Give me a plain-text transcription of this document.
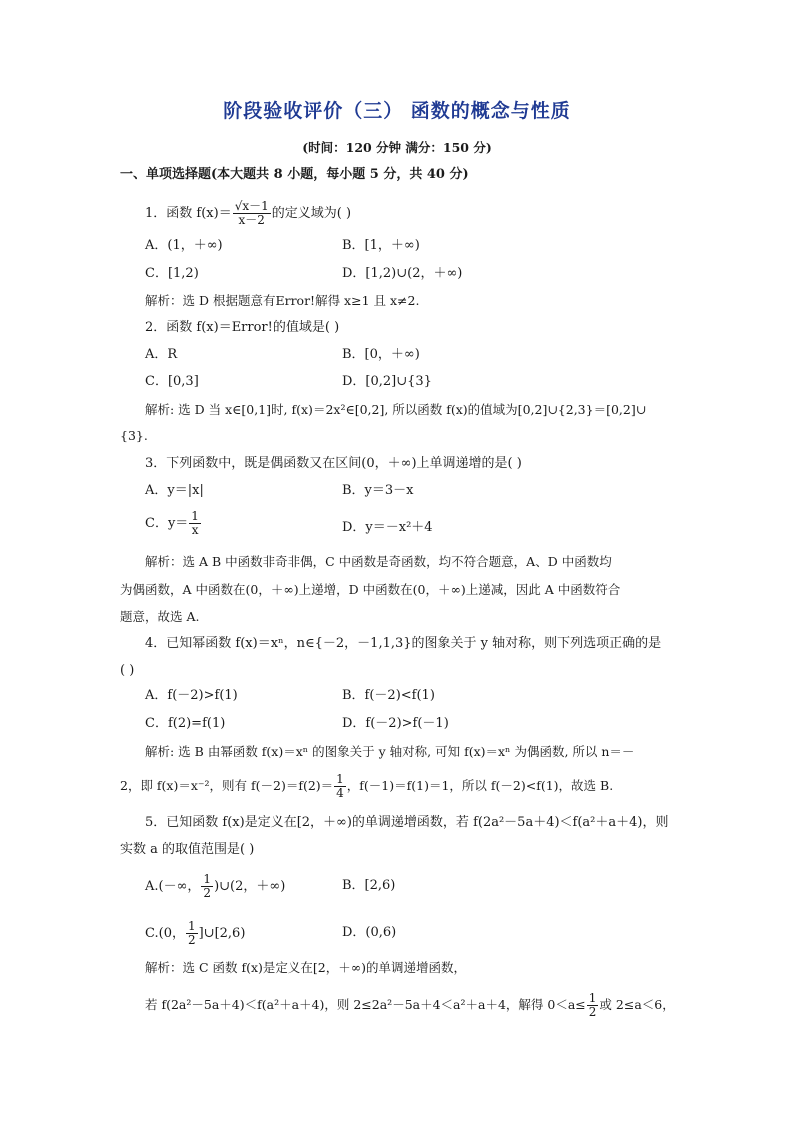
阶段验收评价（三） 函数的概念与性质
(时间：120 分钟 满分：150 分)
一、单项选择题(本大题共 8 小题，每小题 5 分，共 40 分)
1．函数 $f(x)= \frac{√x-1}{x-2}$ 的定义域为( )
A．(1，＋∞)	B．[1，＋∞)
C．[1,2)	D．[1,2)∪(2，＋∞)
解析：选 D 根据题意有Error!解得 x≥1 且 x≠2.
2．函数 f(x)＝Error!的值域是( )
A．R	B．[0，＋∞)
C．[0,3]	D．[0,2]∪{3}
解析: 选 D 当 x∈[0,1]时, f(x)＝2x²∈[0,2], 所以函数 f(x)的值域为[0,2]∪{2,3}＝[0,2]∪
{3}.
3．下列函数中，既是偶函数又在区间(0，＋∞)上单调递增的是( )
A．y＝|x|	B．y＝3－x
C．$y= \frac{1}{x}$	D．y＝－x²＋4
解析：选 A B 中函数非奇非偶，C 中函数是奇函数，均不符合题意，A、D 中函数均
为偶函数，A 中函数在(0，＋∞)上递增，D 中函数在(0，＋∞)上递减，因此 A 中函数符合
题意，故选 A.
4．已知幂函数 f(x)＝xⁿ，n∈{－2，－1,1,3}的图象关于 y 轴对称，则下列选项正确的是
( )
A．f(－2)>f(1)	B．f(－2)<f(1)
C．f(2)=f(1)	D．f(－2)>f(－1)
解析: 选 B 由幂函数 f(x)＝xⁿ 的图象关于 y 轴对称, 可知 f(x)＝xⁿ 为偶函数, 所以 n＝－
2，即 f(x)＝x⁻²，则有 $f(-2)=f(2)= \frac{1}{4}$ ，f(－1)＝f(1)＝1，所以 f(－2)<f(1)，故选 B.
5．已知函数 f(x)是定义在[2，＋∞)的单调递增函数，若 f(2a²－5a＋4)＜f(a²＋a＋4)，则
实数 a 的取值范围是( )
A.(－∞， $\frac{1}{2}$ )∪(2，＋∞)	B．[2,6)
C.(0， $\frac{1}{2}$ ]∪[2,6)	D．(0,6)
解析：选 C 函数 f(x)是定义在[2，＋∞)的单调递增函数，
若 f(2a²－5a＋4)＜f(a²＋a＋4)，则 2≤2a²－5a＋4＜a²＋a＋4，解得 $0<a\le \frac{1}{2}$ 或 2≤a＜6，
